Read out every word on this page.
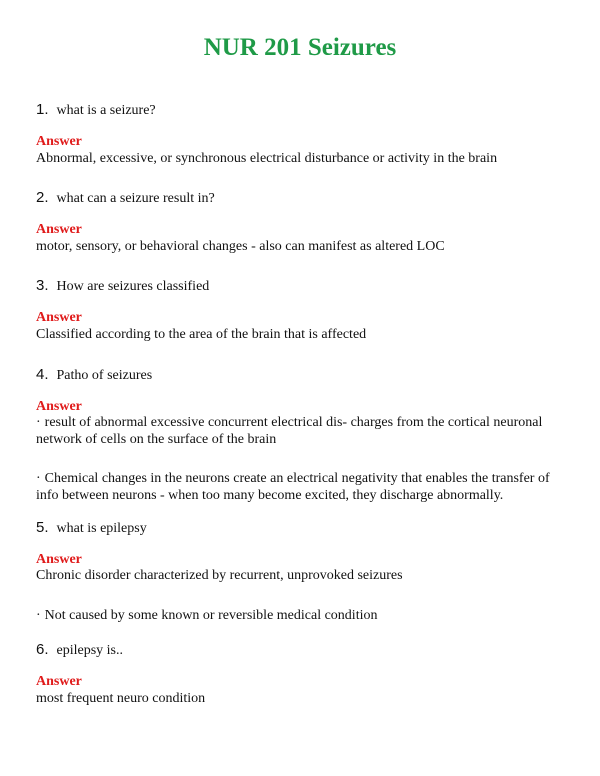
NUR 201 Seizures
1. what is a seizure?
Answer
Abnormal, excessive, or synchronous electrical disturbance or activity in the brain
2. what can a seizure result in?
Answer
motor, sensory, or behavioral changes - also can manifest as altered LOC
3. How are seizures classified
Answer
Classified according to the area of the brain that is affected
4. Patho of seizures
Answer
· result of abnormal excessive concurrent electrical dis- charges from the cortical neuronal network of cells on the surface of the brain
· Chemical changes in the neurons create an electrical negativity that enables the transfer of info between neurons - when too many become excited, they discharge abnormally.
5. what is epilepsy
Answer
Chronic disorder characterized by recurrent, unprovoked seizures
· Not caused by some known or reversible medical condition
6. epilepsy is..
Answer
most frequent neuro condition
